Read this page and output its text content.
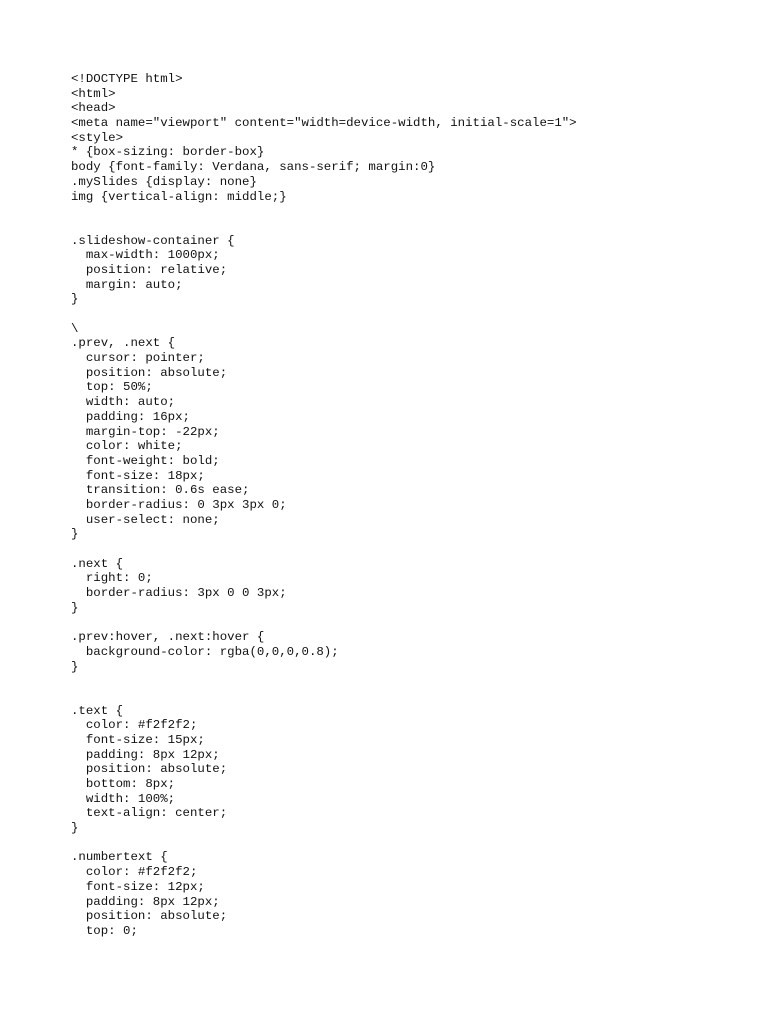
<!DOCTYPE html>
<html>
<head>
<meta name="viewport" content="width=device-width, initial-scale=1">
<style>
* {box-sizing: border-box}
body {font-family: Verdana, sans-serif; margin:0}
.mySlides {display: none}
img {vertical-align: middle;}
.slideshow-container {
max-width: 1000px;
position: relative;
margin: auto;
}
\
.prev, .next {
cursor: pointer;
position: absolute;
top: 50%;
width: auto;
padding: 16px;
margin-top: -22px;
color: white;
font-weight: bold;
font-size: 18px;
transition: 0.6s ease;
border-radius: 0 3px 3px 0;
user-select: none;
}
.next {
right: 0;
border-radius: 3px 0 0 3px;
}
.prev:hover, .next:hover {
background-color: rgba(0,0,0,0.8);
}
.text {
color: #f2f2f2;
font-size: 15px;
padding: 8px 12px;
position: absolute;
bottom: 8px;
width: 100%;
text-align: center;
}
.numbertext {
color: #f2f2f2;
font-size: 12px;
padding: 8px 12px;
position: absolute;
top: 0;
